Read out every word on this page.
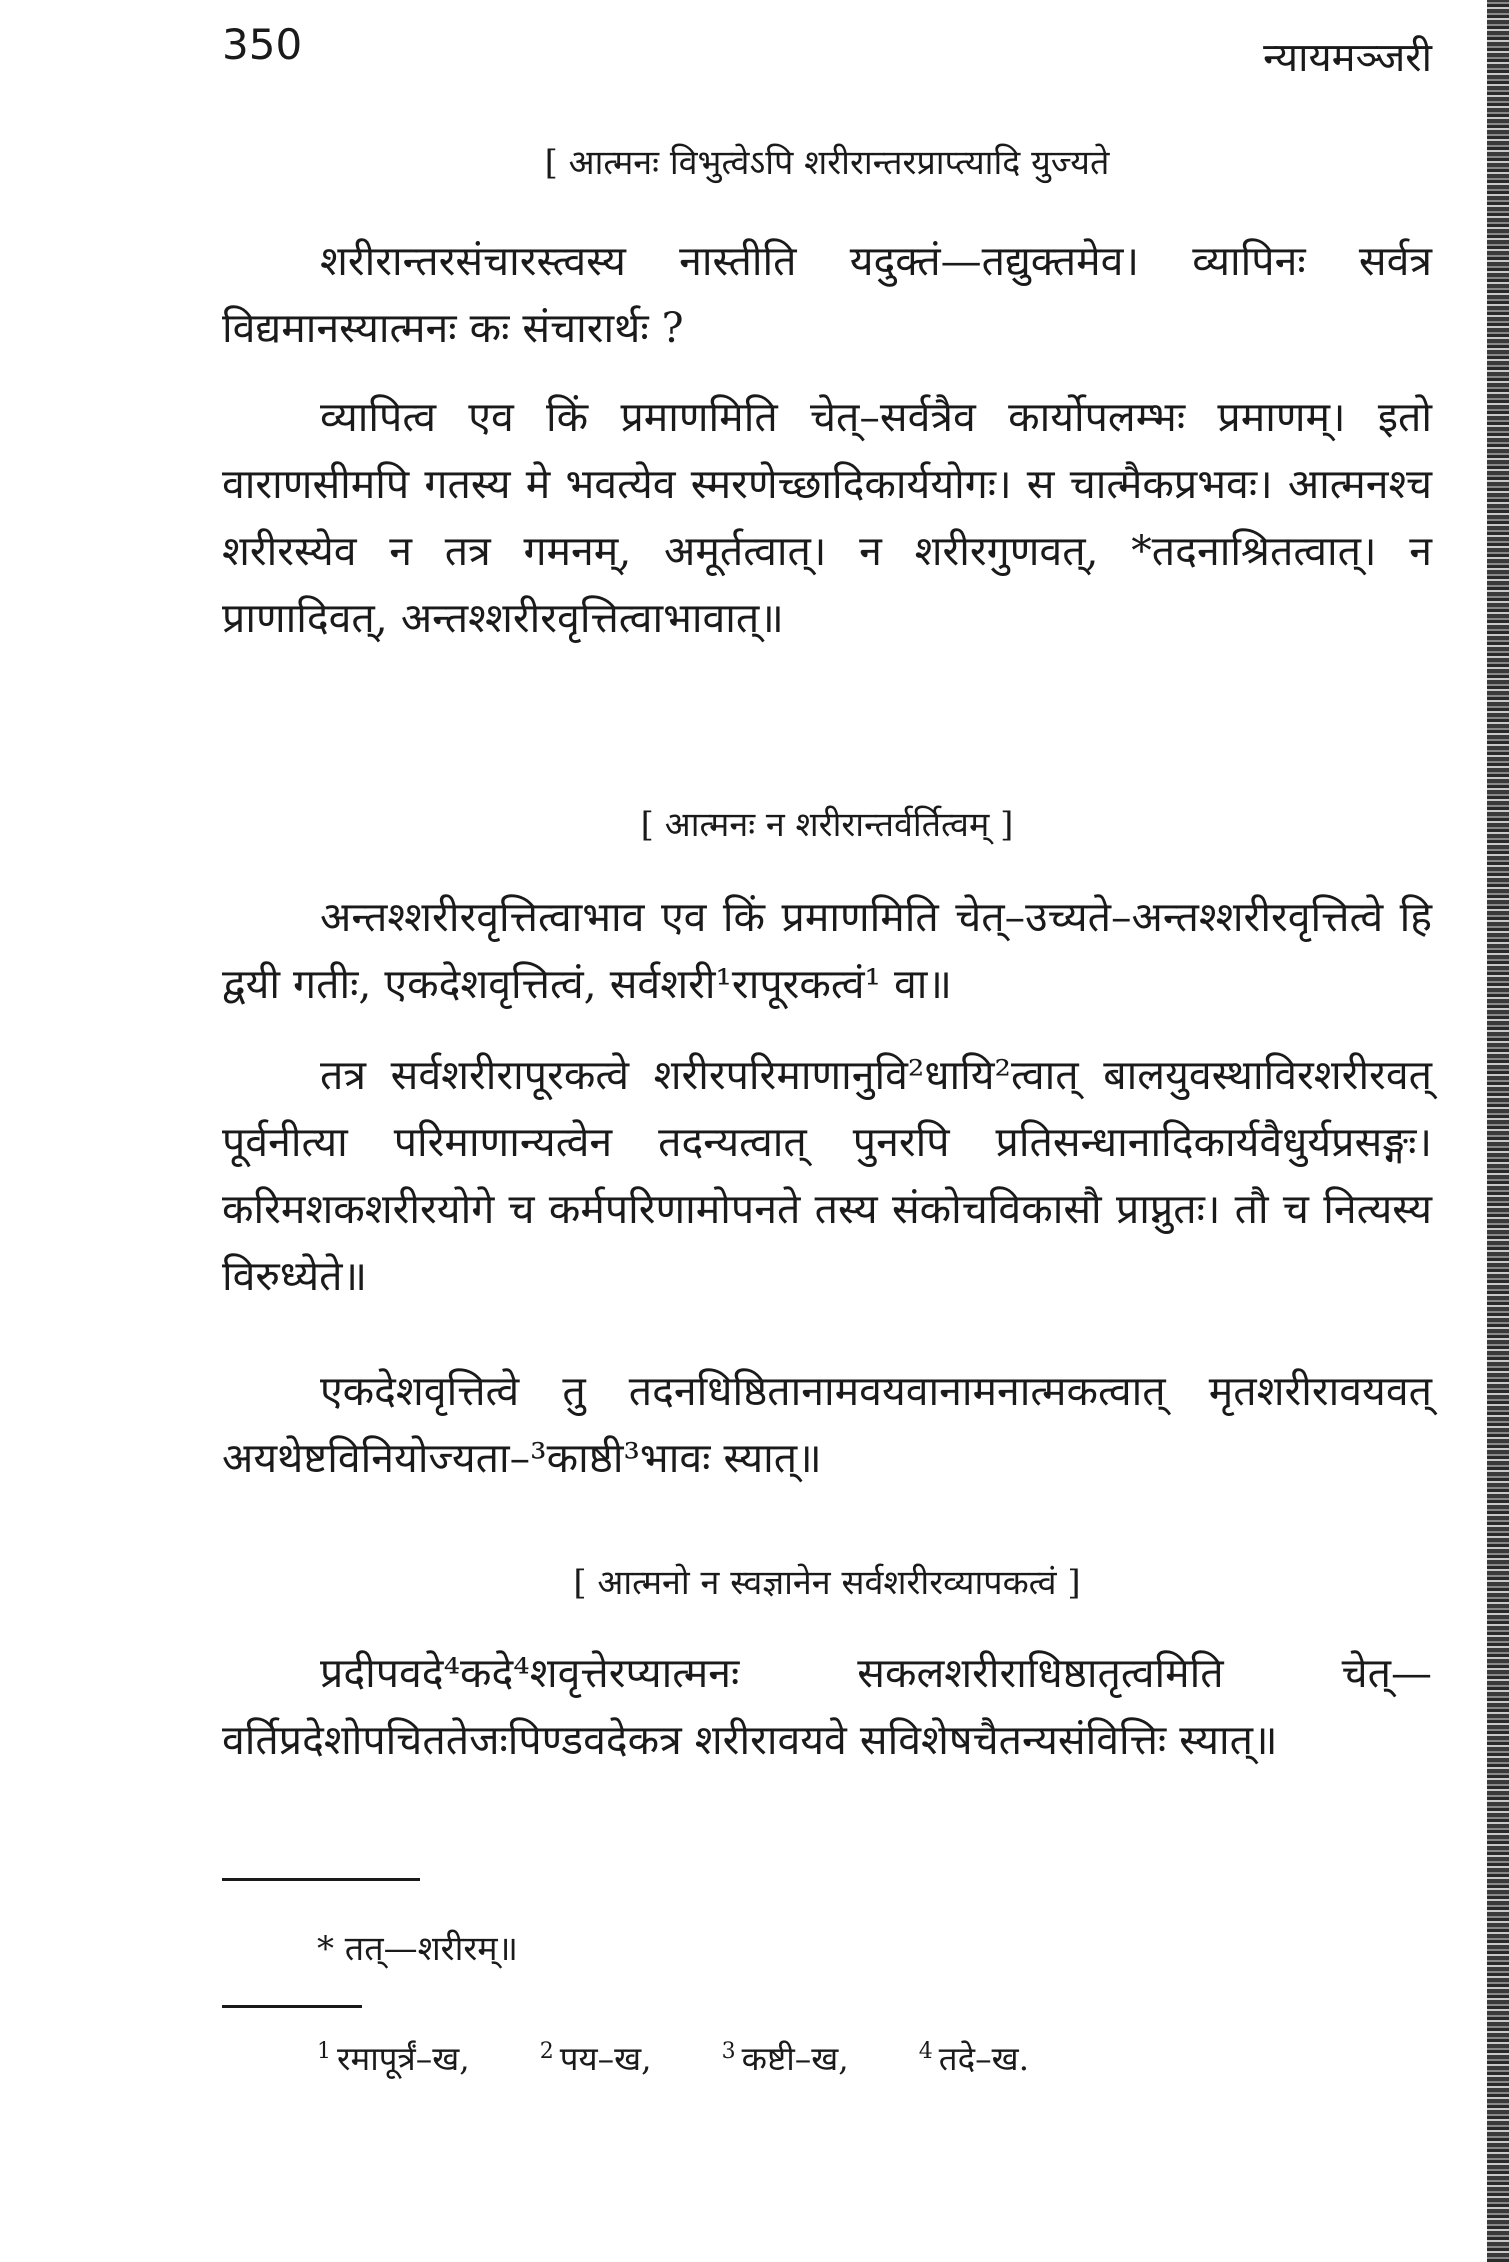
350	न्यायमञ्जरी
[ आत्मनः विभुत्वेऽपि शरीरान्तरप्राप्त्यादि युज्यते

शरीरान्तरसंचारस्त्वस्य नास्तीति यदुक्तं—तद्युक्तमेव। व्यापिनः सर्वत्र विद्यमानस्यात्मनः कः संचारार्थः ?

व्यापित्व एव किं प्रमाणमिति चेत्–सर्वत्रैव कार्योपलम्भः प्रमाणम्। इतो वाराणसीमपि गतस्य मे भवत्येव स्मरणेच्छादिकार्ययोगः। स चात्मैकप्रभवः। आत्मनश्च शरीरस्येव न तत्र गमनम्, अमूर्तत्वात्। न शरीरगुणवत्, *तदनाश्रितत्वात्। न प्राणादिवत्, अन्तश्शरीरवृत्तित्वाभावात्॥

[ आत्मनः न शरीरान्तर्वर्तित्वम् ]

अन्तश्शरीरवृत्तित्वाभाव एव किं प्रमाणमिति चेत्–उच्यते–अन्तश्शरीरवृत्तित्वे हि द्वयी गतीः, एकदेशवृत्तित्वं, सर्वशरी¹रापूरकत्वं¹ वा॥

तत्र सर्वशरीरापूरकत्वे शरीरपरिमाणानुवि²धायि²त्वात् बालयुवस्थाविरशरीरवत् पूर्वनीत्या परिमाणान्यत्वेन तदन्यत्वात् पुनरपि प्रतिसन्धानादिकार्यवैधुर्यप्रसङ्गः। करिमशकशरीरयोगे च कर्मपरिणामोपनते तस्य संकोचविकासौ प्राप्नुतः। तौ च नित्यस्य विरुध्येते॥

एकदेशवृत्तित्वे तु तदनधिष्ठितानामवयवानामनात्मकत्वात् मृतशरीरावयवत् अयथेष्टविनियोज्यता–³काष्ठी³भावः स्यात्॥

[ आत्मनो न स्वज्ञानेन सर्वशरीरव्यापकत्वं ]

प्रदीपवदे⁴कदे⁴शवृत्तेरप्यात्मनः सकलशरीराधिष्ठातृत्वमिति चेत्—वर्तिप्रदेशोपचिततेजःपिण्डवदेकत्र शरीरावयवे सविशेषचैतन्यसंवित्तिः स्यात्॥

* तत्—शरीरम्॥
$^1$ रमापूर्त्रं–ख,	$^2$ पय–ख,	$^3$ कष्टी–ख,	$^4$ तदे–ख.
